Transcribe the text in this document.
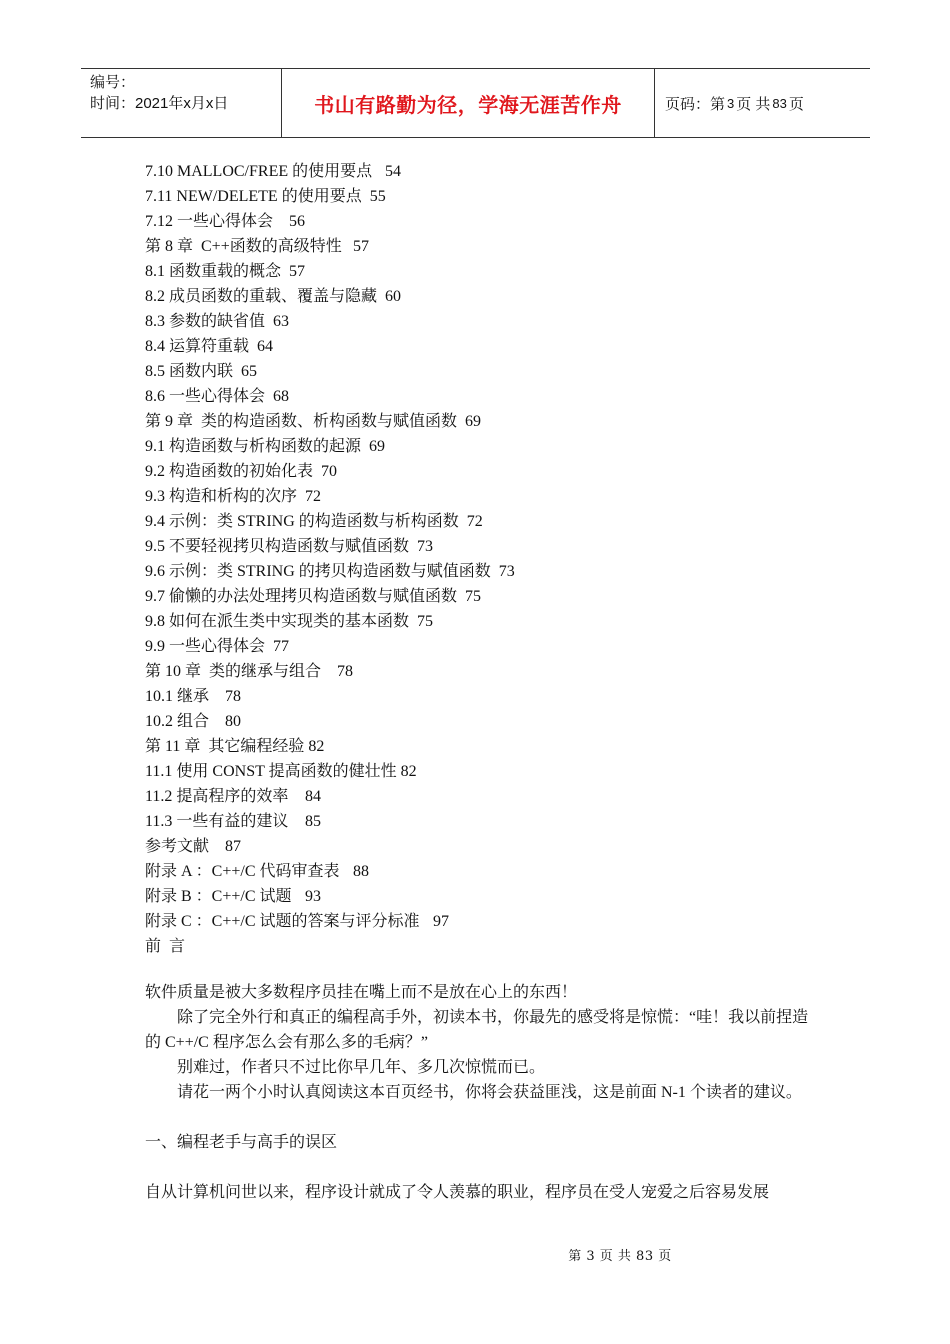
编号：
时间：2021年x月x日	书山有路勤为径，学海无涯苦作舟	页码：第 3 页 共 83 页
7.10 MALLOC/FREE 的使用要点	54
7.11 NEW/DELETE 的使用要点  55
7.12 一些心得体会	56
第 8 章  C++函数的高级特性	57
8.1 函数重载的概念	57
8.2 成员函数的重载、覆盖与隐藏	60
8.3 参数的缺省值  63
8.4 运算符重载	64
8.5 函数内联  65
8.6 一些心得体会  68
第 9 章  类的构造函数、析构函数与赋值函数  69
9.1 构造函数与析构函数的起源  69
9.2 构造函数的初始化表	70
9.3 构造和析构的次序  72
9.4 示例：类 STRING 的构造函数与析构函数  72
9.5 不要轻视拷贝构造函数与赋值函数	73
9.6 示例：类 STRING 的拷贝构造函数与赋值函数  73
9.7 偷懒的办法处理拷贝构造函数与赋值函数  75
9.8 如何在派生类中实现类的基本函数	75
9.9 一些心得体会  77
第 10 章  类的继承与组合	78
10.1 继承	78
10.2 组合	80
第 11 章  其它编程经验 82
11.1 使用 CONST 提高函数的健壮性 82
11.2 提高程序的效率	84
11.3 一些有益的建议	85
参考文献	87
附录 A ：C++/C 代码审查表	88
附录 B ：C++/C 试题	93
附录 C ：C++/C 试题的答案与评分标准	97
前  言

软件质量是被大多数程序员挂在嘴上而不是放在心上的东西！

除了完全外行和真正的编程高手外，初读本书，你最先的感受将是惊慌：“哇！我以前捏造的 C++/C 程序怎么会有那么多的毛病？”

别难过，作者只不过比你早几年、多几次惊慌而已。

请花一两个小时认真阅读这本百页经书，你将会获益匪浅，这是前面 N-1 个读者的建议。

一、编程老手与高手的误区

自从计算机问世以来，程序设计就成了令人羡慕的职业，程序员在受人宠爱之后容易发展

第 3 页 共 83 页
